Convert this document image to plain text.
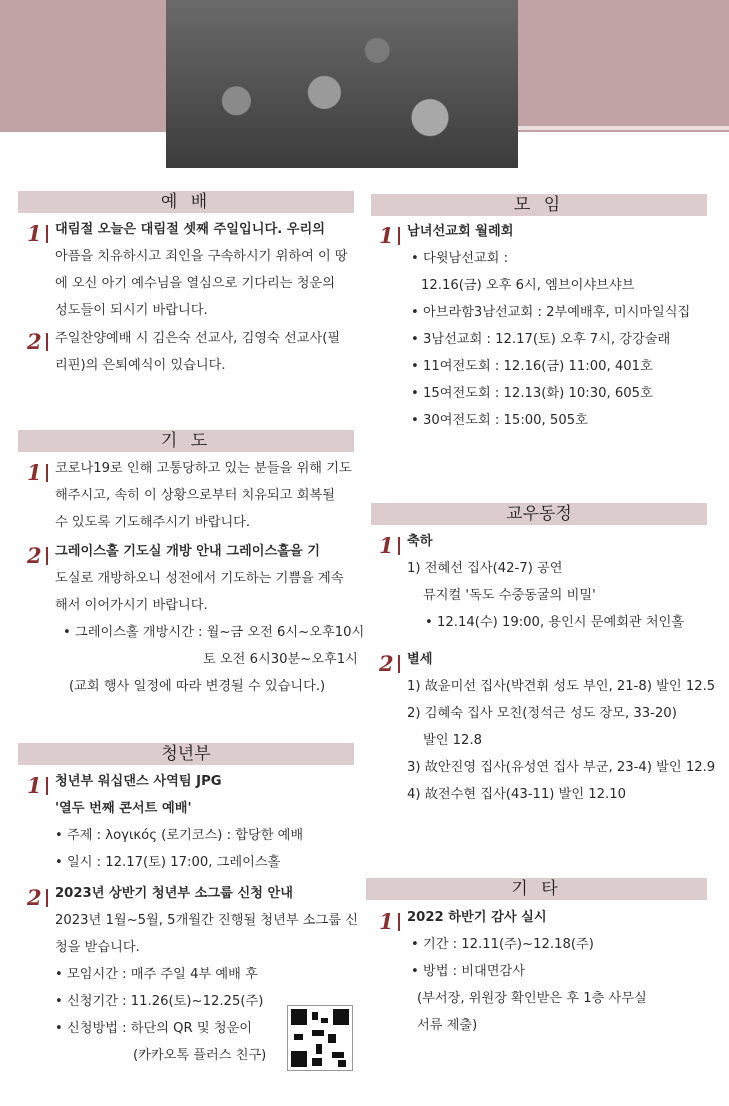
예 배
1 대림절 오늘은 대림절 셋째 주일입니다. 우리의
아픔을 치유하시고 죄인을 구속하시기 위하여 이 땅
에 오신 아기 예수님을 열심으로 기다리는 청운의
성도들이 되시기 바랍니다.
2 주일찬양예배 시 김은숙 선교사, 김영숙 선교사(필
리핀)의 은퇴예식이 있습니다.
기 도
1 코로나19로 인해 고통당하고 있는 분들을 위해 기도
해주시고, 속히 이 상황으로부터 치유되고 회복될
수 있도록 기도해주시기 바랍니다.
2 그레이스홀 기도실 개방 안내 그레이스홀을 기
도실로 개방하오니 성전에서 기도하는 기쁨을 계속
해서 이어가시기 바랍니다.
• 그레이스홀 개방시간 : 월~금 오전 6시~오후10시
토 오전 6시30분~오후1시
(교회 행사 일정에 따라 변경될 수 있습니다.)
청년부
1 청년부 워십댄스 사역팀 JPG
'열두 번째 콘서트 예배'
• 주제 : λογικός (로기코스) : 합당한 예배
• 일시 : 12.17(토) 17:00, 그레이스홀
2 2023년 상반기 청년부 소그룹 신청 안내
2023년 1월~5월, 5개월간 진행될 청년부 소그룹 신
청을 받습니다.
• 모임시간 : 매주 주일 4부 예배 후
• 신청기간 : 11.26(토)~12.25(주)
• 신청방법 : 하단의 QR 및 청운이
(카카오톡 플러스 친구)
모 임
1 남녀선교회 월례회
• 다윗남선교회 :
12.16(금) 오후 6시, 엠브이샤브샤브
• 아브라함3남선교회 : 2부예배후, 미시마일식집
• 3남선교회 : 12.17(토) 오후 7시, 강강술래
• 11여전도회 : 12.16(금) 11:00, 401호
• 15여전도회 : 12.13(화) 10:30, 605호
• 30여전도회 : 15:00, 505호
교우동정
1 축하
1) 전혜선 집사(42-7) 공연
뮤지컬 '독도 수중동굴의 비밀'
• 12.14(수) 19:00, 용인시 문예회관 처인홀
2 별세
1) 故윤미선 집사(박견휘 성도 부인, 21-8) 발인 12.5
2) 김혜숙 집사 모친(정석근 성도 장모, 33-20)
발인 12.8
3) 故안진영 집사(유성연 집사 부군, 23-4) 발인 12.9
4) 故전수현 집사(43-11) 발인 12.10
기 타
1 2022 하반기 감사 실시
• 기간 : 12.11(주)~12.18(주)
• 방법 : 비대면감사
(부서장, 위원장 확인받은 후 1층 사무실
서류 제출)
